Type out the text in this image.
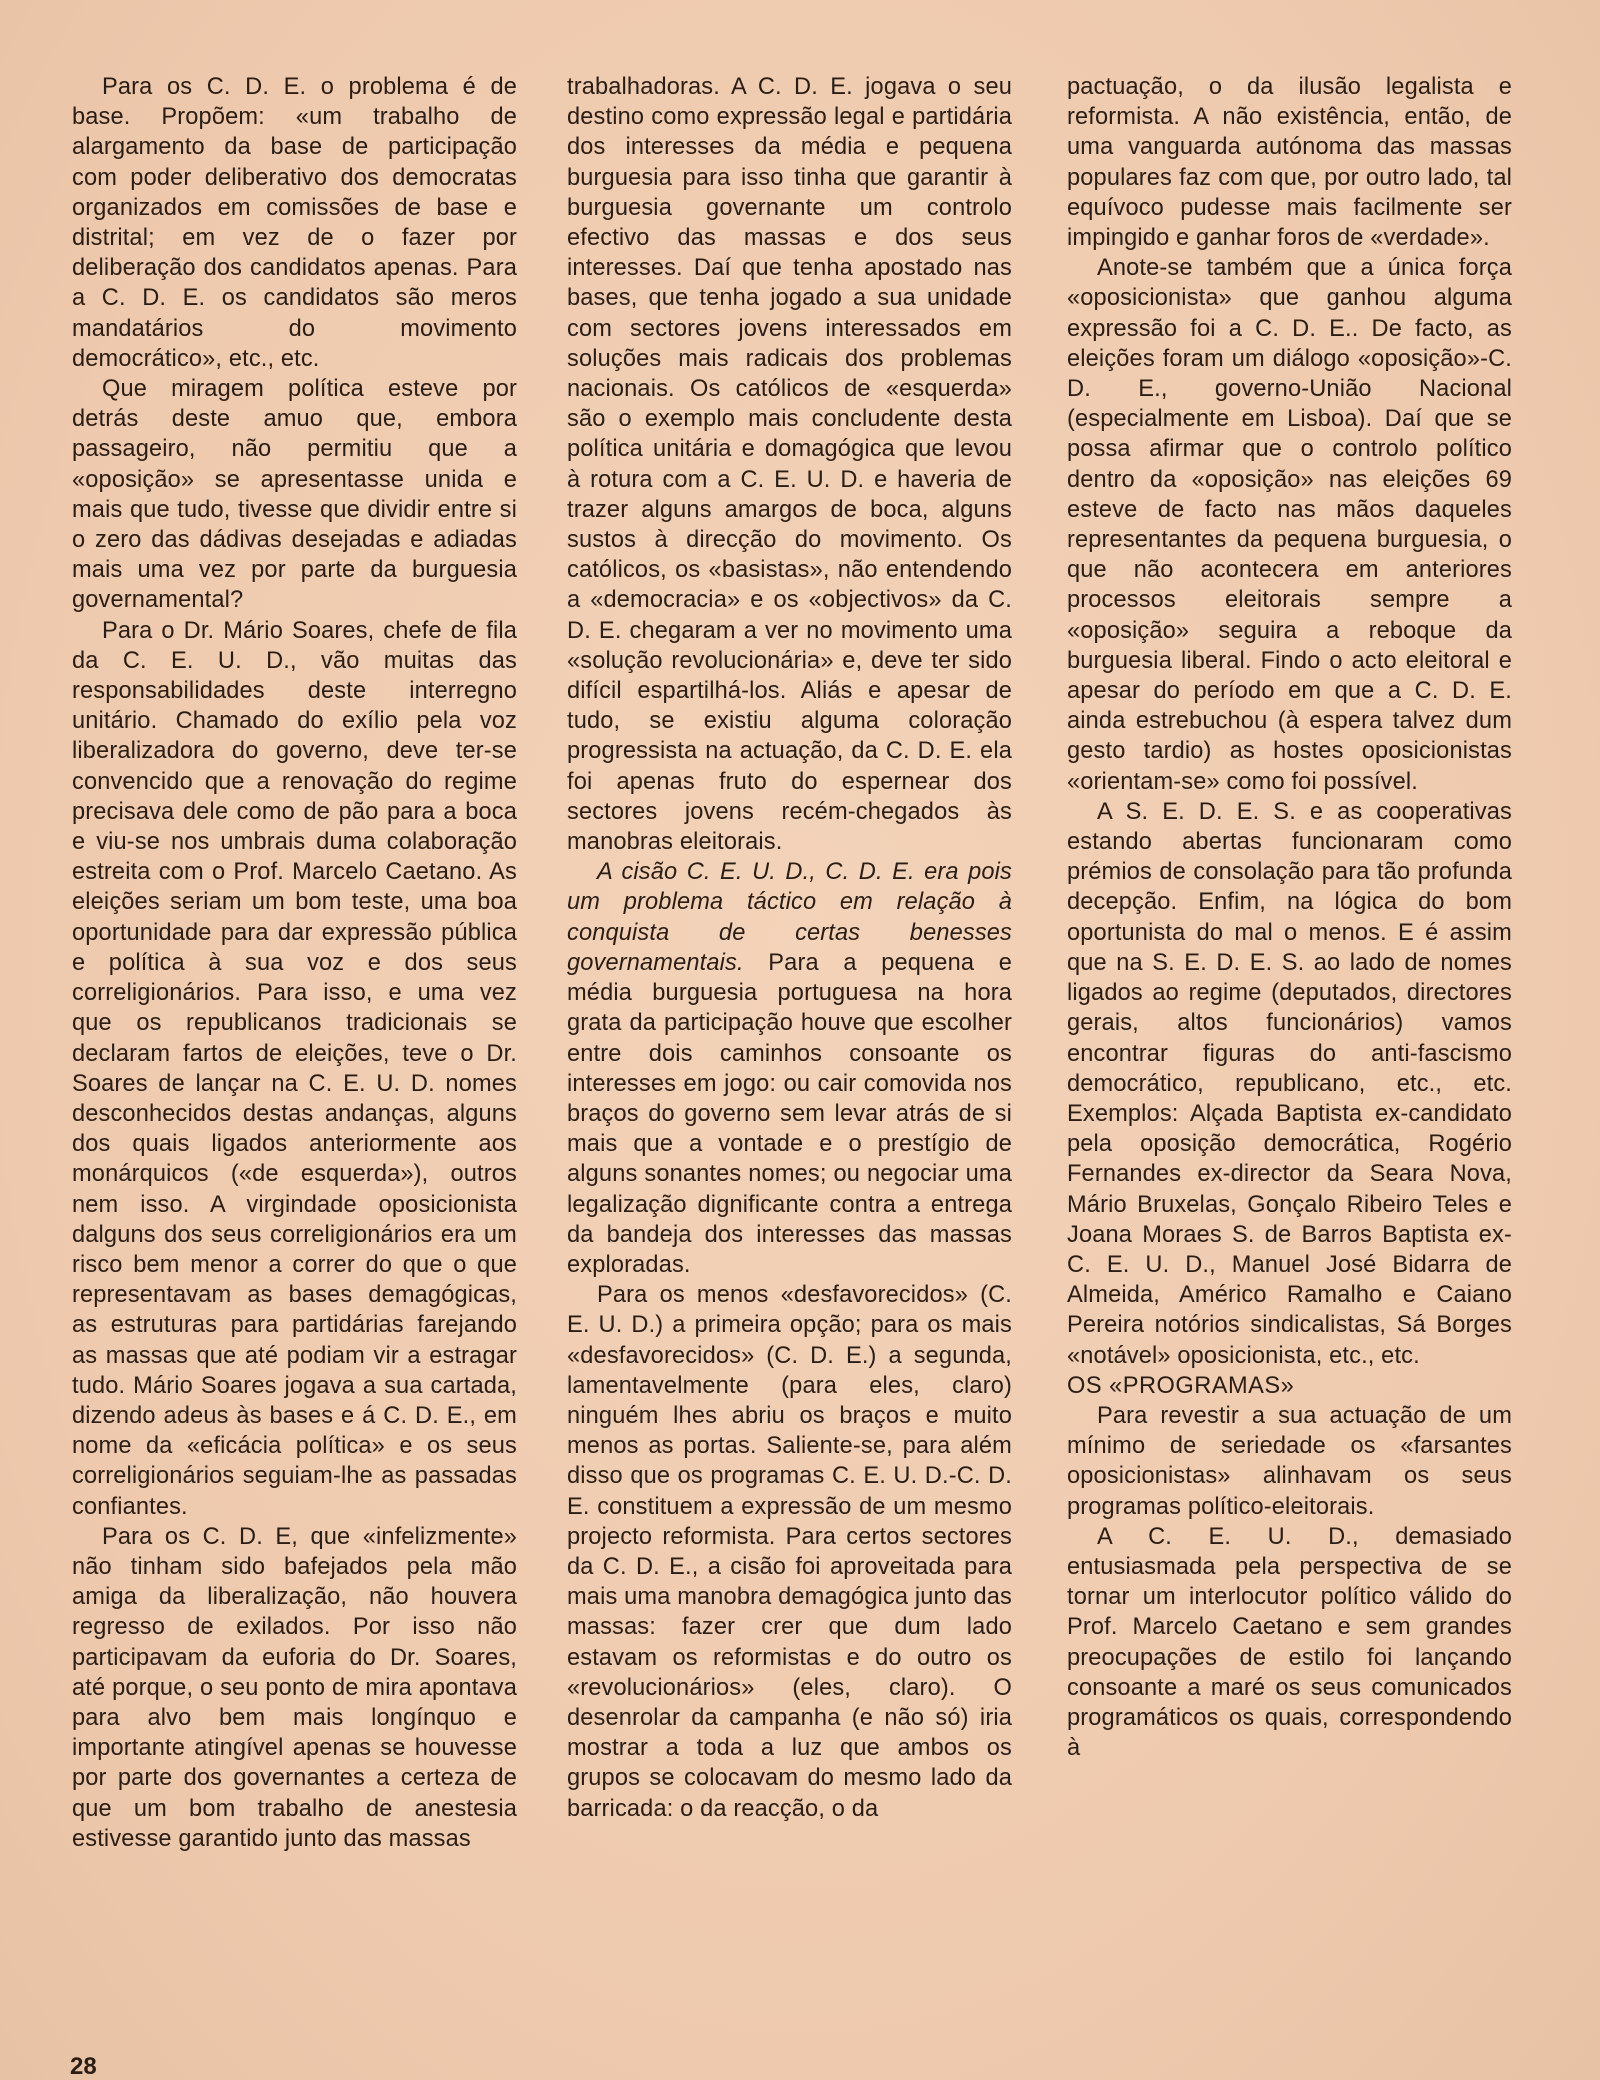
Para os C. D. E. o problema é de base. Propõem: «um trabalho de alargamento da base de participação com poder deliberativo dos democratas organizados em comissões de base e distrital; em vez de o fazer por deliberação dos candidatos apenas. Para a C. D. E. os candidatos são meros mandatários do movimento democrático», etc., etc.

Que miragem política esteve por detrás deste amuo que, embora passageiro, não permitiu que a «oposição» se apresentasse unida e mais que tudo, tivesse que dividir entre si o zero das dádivas desejadas e adiadas mais uma vez por parte da burguesia governamental?

Para o Dr. Mário Soares, chefe de fila da C. E. U. D., vão muitas das responsabilidades deste interregno unitário. Chamado do exílio pela voz liberalizadora do governo, deve ter-se convencido que a renovação do regime precisava dele como de pão para a boca e viu-se nos umbrais duma colaboração estreita com o Prof. Marcelo Caetano. As eleições seriam um bom teste, uma boa oportunidade para dar expressão pública e política à sua voz e dos seus correligionários. Para isso, e uma vez que os republicanos tradicionais se declaram fartos de eleições, teve o Dr. Soares de lançar na C. E. U. D. nomes desconhecidos destas andanças, alguns dos quais ligados anteriormente aos monárquicos («de esquerda»), outros nem isso. A virgindade oposicionista dalguns dos seus correligionários era um risco bem menor a correr do que o que representavam as bases demagógicas, as estruturas para partidárias farejando as massas que até podiam vir a estragar tudo. Mário Soares jogava a sua cartada, dizendo adeus às bases e á C. D. E., em nome da «eficácia política» e os seus correligionários seguiam-lhe as passadas confiantes.

Para os C. D. E, que «infelizmente» não tinham sido bafejados pela mão amiga da liberalização, não houvera regresso de exilados. Por isso não participavam da euforia do Dr. Soares, até porque, o seu ponto de mira apontava para alvo bem mais longínquo e importante atingível apenas se houvesse por parte dos governantes a certeza de que um bom trabalho de anestesia estivesse garantido junto das massas

trabalhadoras. A C. D. E. jogava o seu destino como expressão legal e partidária dos interesses da média e pequena burguesia para isso tinha que garantir à burguesia governante um controlo efectivo das massas e dos seus interesses. Daí que tenha apostado nas bases, que tenha jogado a sua unidade com sectores jovens interessados em soluções mais radicais dos problemas nacionais. Os católicos de «esquerda» são o exemplo mais concludente desta política unitária e domagógica que levou à rotura com a C. E. U. D. e haveria de trazer alguns amargos de boca, alguns sustos à direcção do movimento. Os católicos, os «basistas», não entendendo a «democracia» e os «objectivos» da C. D. E. chegaram a ver no movimento uma «solução revolucionária» e, deve ter sido difícil espartilhá-los. Aliás e apesar de tudo, se existiu alguma coloração progressista na actuação, da C. D. E. ela foi apenas fruto do espernear dos sectores jovens recém-chegados às manobras eleitorais.

A cisão C. E. U. D., C. D. E. era pois um problema táctico em relação à conquista de certas benesses governamentais. Para a pequena e média burguesia portuguesa na hora grata da participação houve que escolher entre dois caminhos consoante os interesses em jogo: ou cair comovida nos braços do governo sem levar atrás de si mais que a vontade e o prestígio de alguns sonantes nomes; ou negociar uma legalização dignificante contra a entrega da bandeja dos interesses das massas exploradas.

Para os menos «desfavorecidos» (C. E. U. D.) a primeira opção; para os mais «desfavorecidos» (C. D. E.) a segunda, lamentavelmente (para eles, claro) ninguém lhes abriu os braços e muito menos as portas. Saliente-se, para além disso que os programas C. E. U. D.-C. D. E. constituem a expressão de um mesmo projecto reformista. Para certos sectores da C. D. E., a cisão foi aproveitada para mais uma manobra demagógica junto das massas: fazer crer que dum lado estavam os reformistas e do outro os «revolucionários» (eles, claro). O desenrolar da campanha (e não só) iria mostrar a toda a luz que ambos os grupos se colocavam do mesmo lado da barricada: o da reacção, o da

pactuação, o da ilusão legalista e reformista. A não existência, então, de uma vanguarda autónoma das massas populares faz com que, por outro lado, tal equívoco pudesse mais facilmente ser impingido e ganhar foros de «verdade».

Anote-se também que a única força «oposicionista» que ganhou alguma expressão foi a C. D. E.. De facto, as eleições foram um diálogo «oposição»-C. D. E., governo-União Nacional (especialmente em Lisboa). Daí que se possa afirmar que o controlo político dentro da «oposição» nas eleições 69 esteve de facto nas mãos daqueles representantes da pequena burguesia, o que não acontecera em anteriores processos eleitorais sempre a «oposição» seguira a reboque da burguesia liberal. Findo o acto eleitoral e apesar do período em que a C. D. E. ainda estrebuchou (à espera talvez dum gesto tardio) as hostes oposicionistas «orientam-se» como foi possível.

A S. E. D. E. S. e as cooperativas estando abertas funcionaram como prémios de consolação para tão profunda decepção. Enfim, na lógica do bom oportunista do mal o menos. E é assim que na S. E. D. E. S. ao lado de nomes ligados ao regime (deputados, directores gerais, altos funcionários) vamos encontrar figuras do anti-fascismo democrático, republicano, etc., etc. Exemplos: Alçada Baptista ex-candidato pela oposição democrática, Rogério Fernandes ex-director da Seara Nova, Mário Bruxelas, Gonçalo Ribeiro Teles e Joana Moraes S. de Barros Baptista ex-C. E. U. D., Manuel José Bidarra de Almeida, Américo Ramalho e Caiano Pereira notórios sindicalistas, Sá Borges «notável» oposicionista, etc., etc.

OS «PROGRAMAS»

Para revestir a sua actuação de um mínimo de seriedade os «farsantes oposicionistas» alinhavam os seus programas político-eleitorais.

A C. E. U. D., demasiado entusiasmada pela perspectiva de se tornar um interlocutor político válido do Prof. Marcelo Caetano e sem grandes preocupações de estilo foi lançando consoante a maré os seus comunicados programáticos os quais, correspondendo à

28
